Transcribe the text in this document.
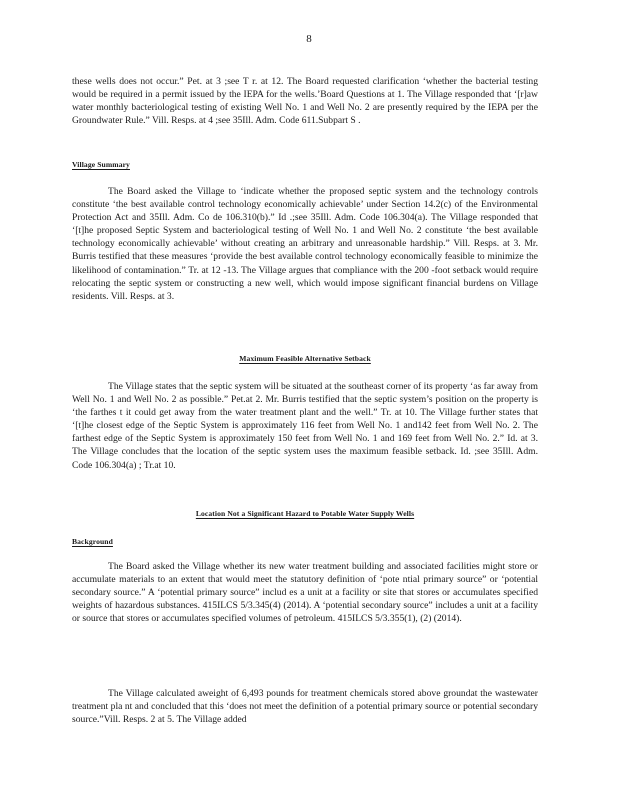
8
these wells does not occur.” Pet. at 3 ;see T r. at 12. The Board requested clarification ‘whether the bacterial testing would be required in a permit issued by the IEPA for the wells.’Board Questions at 1. The Village responded that ‘[r]aw water monthly bacteriological testing of existing Well No. 1 and Well No. 2 are presently required by the IEPA per the Groundwater Rule.” Vill. Resps. at 4 ;see 35Ill. Adm. Code 611.Subpart S .
Village Summary
The Board asked the Village to ‘indicate whether the proposed septic system and the technology controls constitute ‘the best available control technology economically achievable’ under Section 14.2(c) of the Environmental Protection Act and 35Ill. Adm. Co de 106.310(b).” Id .;see 35Ill. Adm. Code 106.304(a). The Village responded that ‘[t]he proposed Septic System and bacteriological testing of Well No. 1 and Well No. 2 constitute ‘the best available technology economically achievable’ without creating an arbitrary and unreasonable hardship.” Vill. Resps. at 3. Mr. Burris testified that these measures ‘provide the best available control technology economically feasible to minimize the likelihood of contamination.” Tr. at 12 -13. The Village argues that compliance with the 200 -foot setback would require relocating the septic system or constructing a new well, which would impose significant financial burdens on Village residents. Vill. Resps. at 3.
Maximum Feasible Alternative Setback
The Village states that the septic system will be situated at the southeast corner of its property ‘as far away from Well No. 1 and Well No. 2 as possible.” Pet.at 2. Mr. Burris testified that the septic system’s position on the property is ‘the farthes t it could get away from the water treatment plant and the well.” Tr. at 10. The Village further states that ‘[t]he closest edge of the Septic System is approximately 116 feet from Well No. 1 and142 feet from Well No. 2. The farthest edge of the Septic System is approximately 150 feet from Well No. 1 and 169 feet from Well No. 2.” Id. at 3. The Village concludes that the location of the septic system uses the maximum feasible setback. Id. ;see 35Ill. Adm. Code 106.304(a) ; Tr.at 10.
Location Not a Significant Hazard to Potable Water Supply Wells
Background
The Board asked the Village whether its new water treatment building and associated facilities might store or accumulate materials to an extent that would meet the statutory definition of ‘pote ntial primary source” or ‘potential secondary source.” A ‘potential primary source” includ es a unit at a facility or site that stores or accumulates specified weights of hazardous substances. 415ILCS 5/3.345(4) (2014). A ‘potential secondary source” includes a unit at a facility or source that stores or accumulates specified volumes of petroleum. 415ILCS 5/3.355(1), (2) (2014).
The Village calculated aweight of 6,493 pounds for treatment chemicals stored above groundat the wastewater treatment pla nt and concluded that this ‘does not meet the definition of a potential primary source or potential secondary source.”Vill. Resps. 2 at 5. The Village added
